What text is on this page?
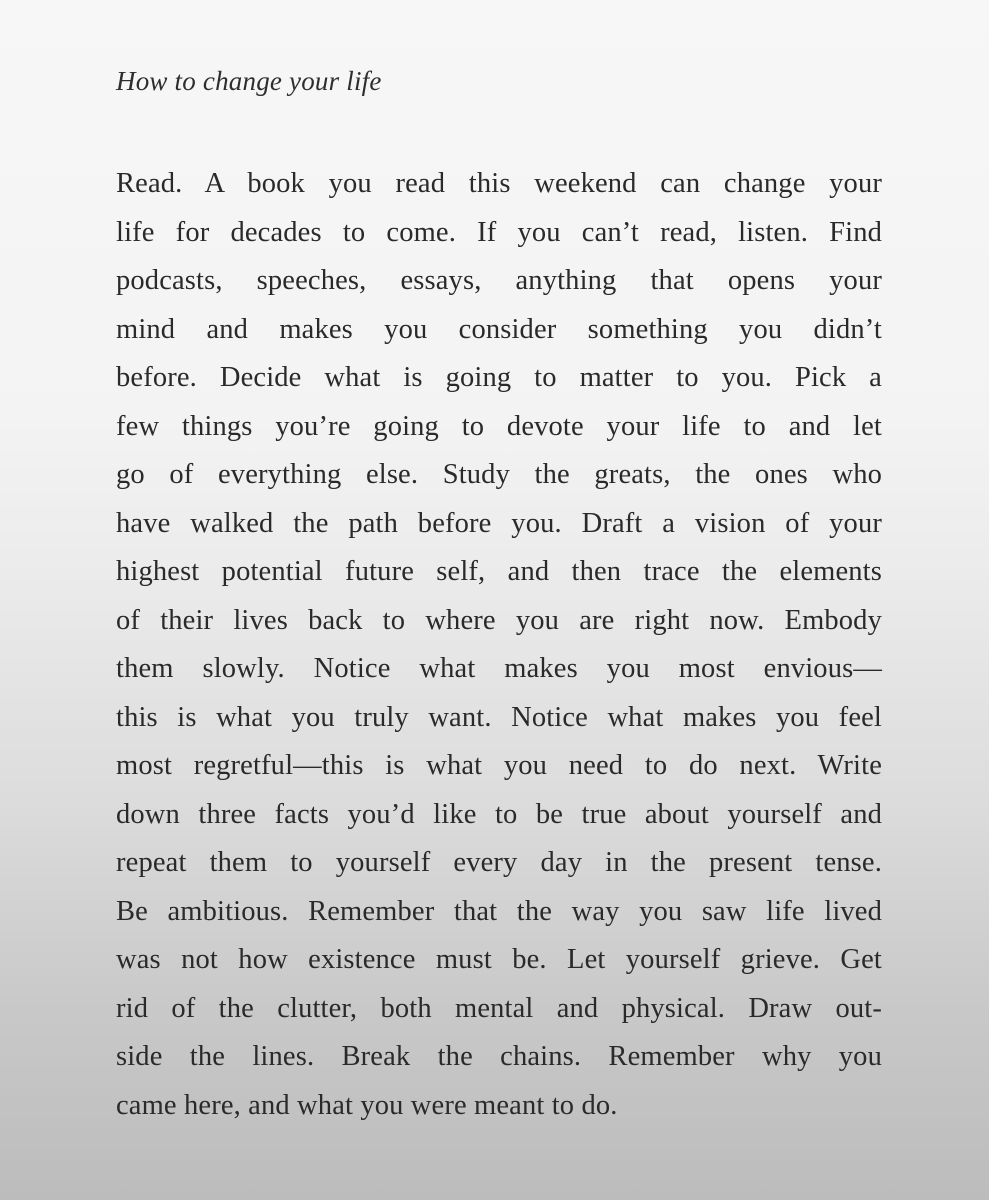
How to change your life
Read. A book you read this weekend can change your
life for decades to come. If you can’t read, listen. Find
podcasts, speeches, essays, anything that opens your
mind and makes you consider something you didn’t
before. Decide what is going to matter to you. Pick a
few things you’re going to devote your life to and let
go of everything else. Study the greats, the ones who
have walked the path before you. Draft a vision of your
highest potential future self, and then trace the elements
of their lives back to where you are right now. Embody
them slowly. Notice what makes you most envious—
this is what you truly want. Notice what makes you feel
most regretful—this is what you need to do next. Write
down three facts you’d like to be true about yourself and
repeat them to yourself every day in the present tense.
Be ambitious. Remember that the way you saw life lived
was not how existence must be. Let yourself grieve. Get
rid of the clutter, both mental and physical. Draw out-
side the lines. Break the chains. Remember why you
came here, and what you were meant to do.
